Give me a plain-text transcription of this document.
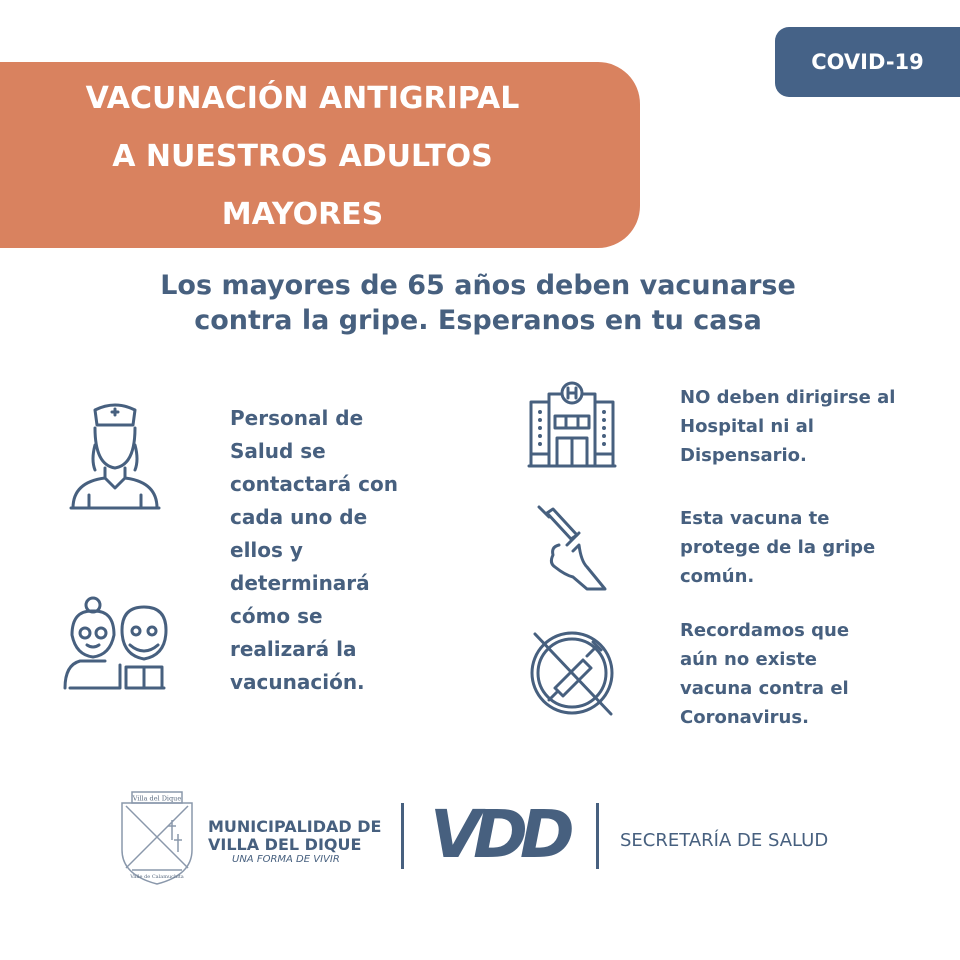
VACUNACIÓN ANTIGRIPAL
A NUESTROS ADULTOS
MAYORES
COVID-19
Los mayores de 65 años deben vacunarse
contra la gripe. Esperanos en tu casa
Personal de
Salud se
contactará con
cada uno de
ellos y
determinará
cómo se
realizará la
vacunación.
NO deben dirigirse al
Hospital ni al
Dispensario.
Esta vacuna te
protege de la gripe
común.
Recordamos que
aún no existe
vacuna contra el
Coronavirus.
Villa del Dique
Valle de Calamuchita
MUNICIPALIDAD DE
VILLA DEL DIQUE
UNA FORMA DE VIVIR	VDD	SECRETARÍA DE SALUD
